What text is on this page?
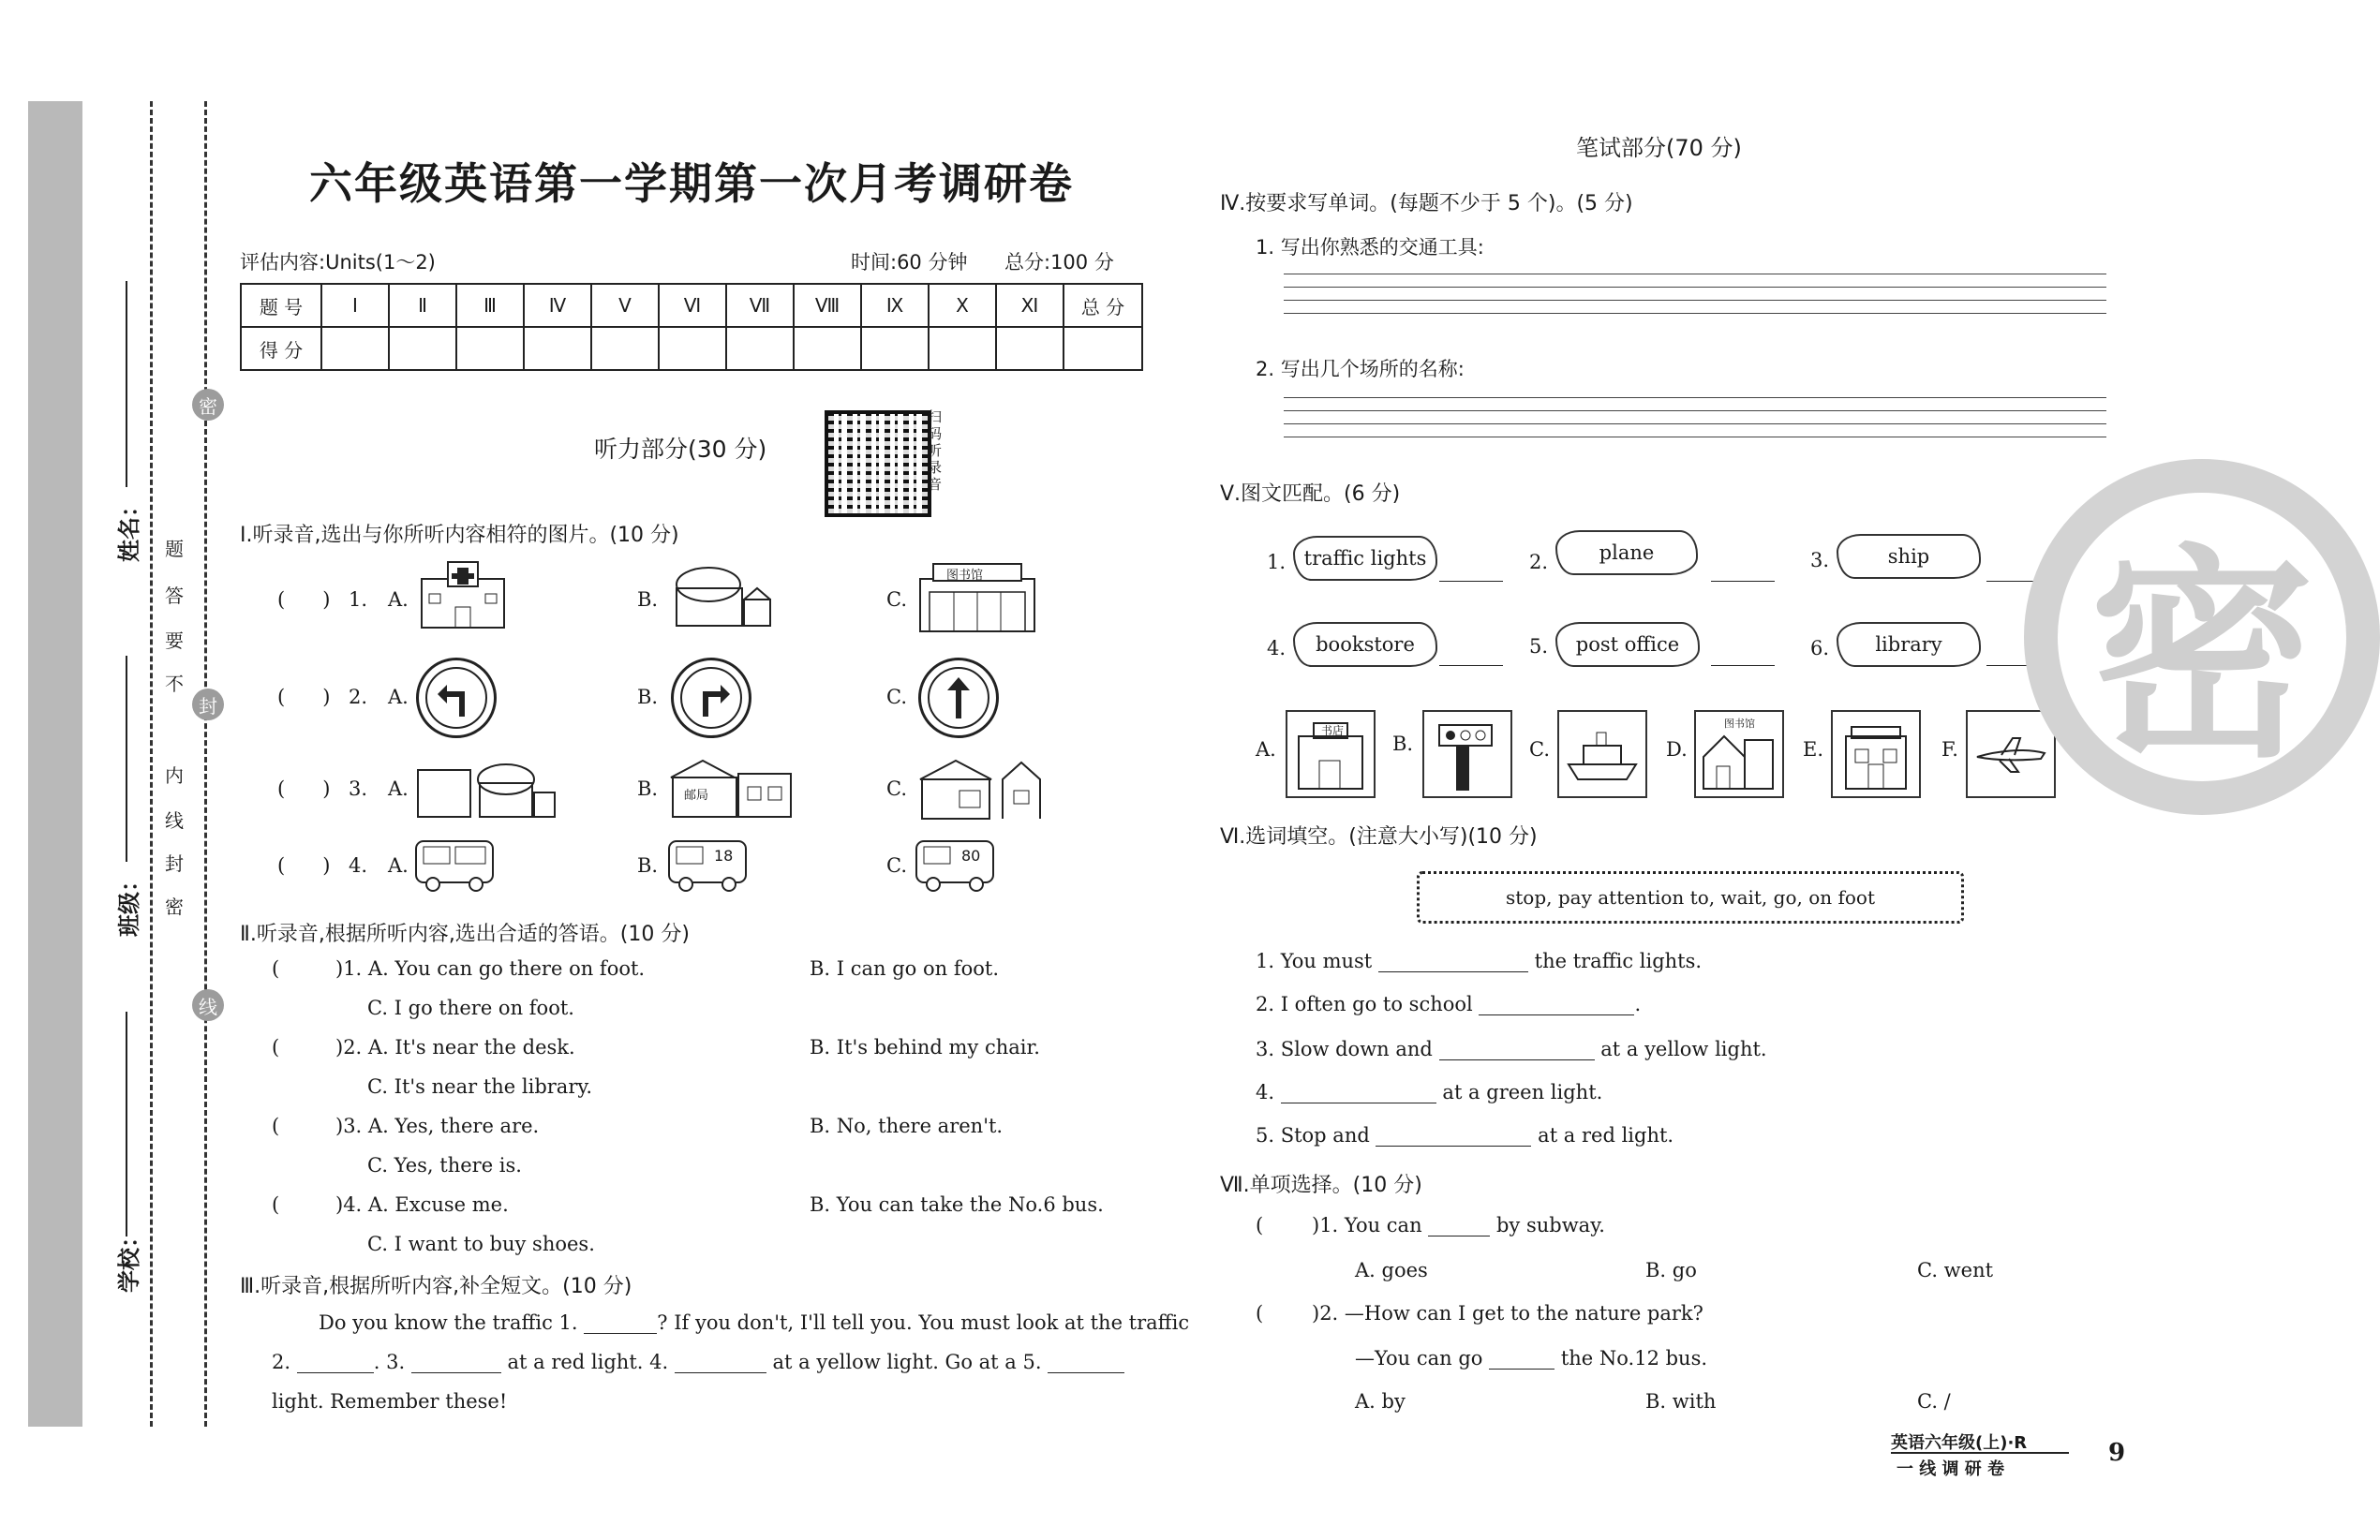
姓名：
班级：
学校：
密
封
线
题
答
要
不
内
线
封
密
六年级英语第一学期第一次月考调研卷
评估内容:Units(1～2)	时间:60 分钟 总分:100 分
题 号	Ⅰ	Ⅱ	Ⅲ	Ⅳ	Ⅴ	Ⅵ	Ⅶ	Ⅷ	Ⅸ	Ⅹ	Ⅺ	总 分
得 分												
听力部分(30 分)
扫码听录音
Ⅰ.听录音,选出与你所听内容相符的图片。(10 分)
(      ) 1. A.	B.	C.
图书馆
(      ) 2. A.	B.	C.
(      ) 3. A.	B. 邮局	C.
(      ) 4. A.	B.	18	C.	80
Ⅱ.听录音,根据所听内容,选出合适的答语。(10 分)
( )1. A. You can go there on foot.	B. I can go on foot.
C. I go there on foot.
( )2. A. It's near the desk.	B. It's behind my chair.
C. It's near the library.
( )3. A. Yes, there are.	B. No, there aren't.
C. Yes, there is.
( )4. A. Excuse me.	B. You can take the No.6 bus.
C. I want to buy shoes.
Ⅲ.听录音,根据所听内容,补全短文。(10 分)
Do you know the traffic 1.	? If you don't, I'll tell you. You must look at the traffic
2.	. 3.	at a red light. 4.	at a yellow light. Go at a 5.
light. Remember these!
笔试部分(70 分)
Ⅳ.按要求写单词。(每题不少于 5 个)。(5 分)
1. 写出你熟悉的交通工具:
2. 写出几个场所的名称:
Ⅴ.图文匹配。(6 分)
1. traffic lights	2.	plane	3.	ship
4.	bookstore	5.	post office	6.	library
A.
书店
B.	C.	D.
图书馆
E.	F.
Ⅵ.选词填空。(注意大小写)(10 分)
stop, pay attention to, wait, go, on foot
1. You must	the traffic lights.
2. I often go to school	.
3. Slow down and	at a yellow light.
4.	at a green light.
5. Stop and	at a red light.
Ⅶ.单项选择。(10 分)
( )1. You can	by subway.
A. goes	B. go	C. went
( )2. —How can I get to the nature park?
—You can go	the No.12 bus.
A. by	B. with	C. /
英语六年级(上)·R
一 线 调 研 卷
9
密
